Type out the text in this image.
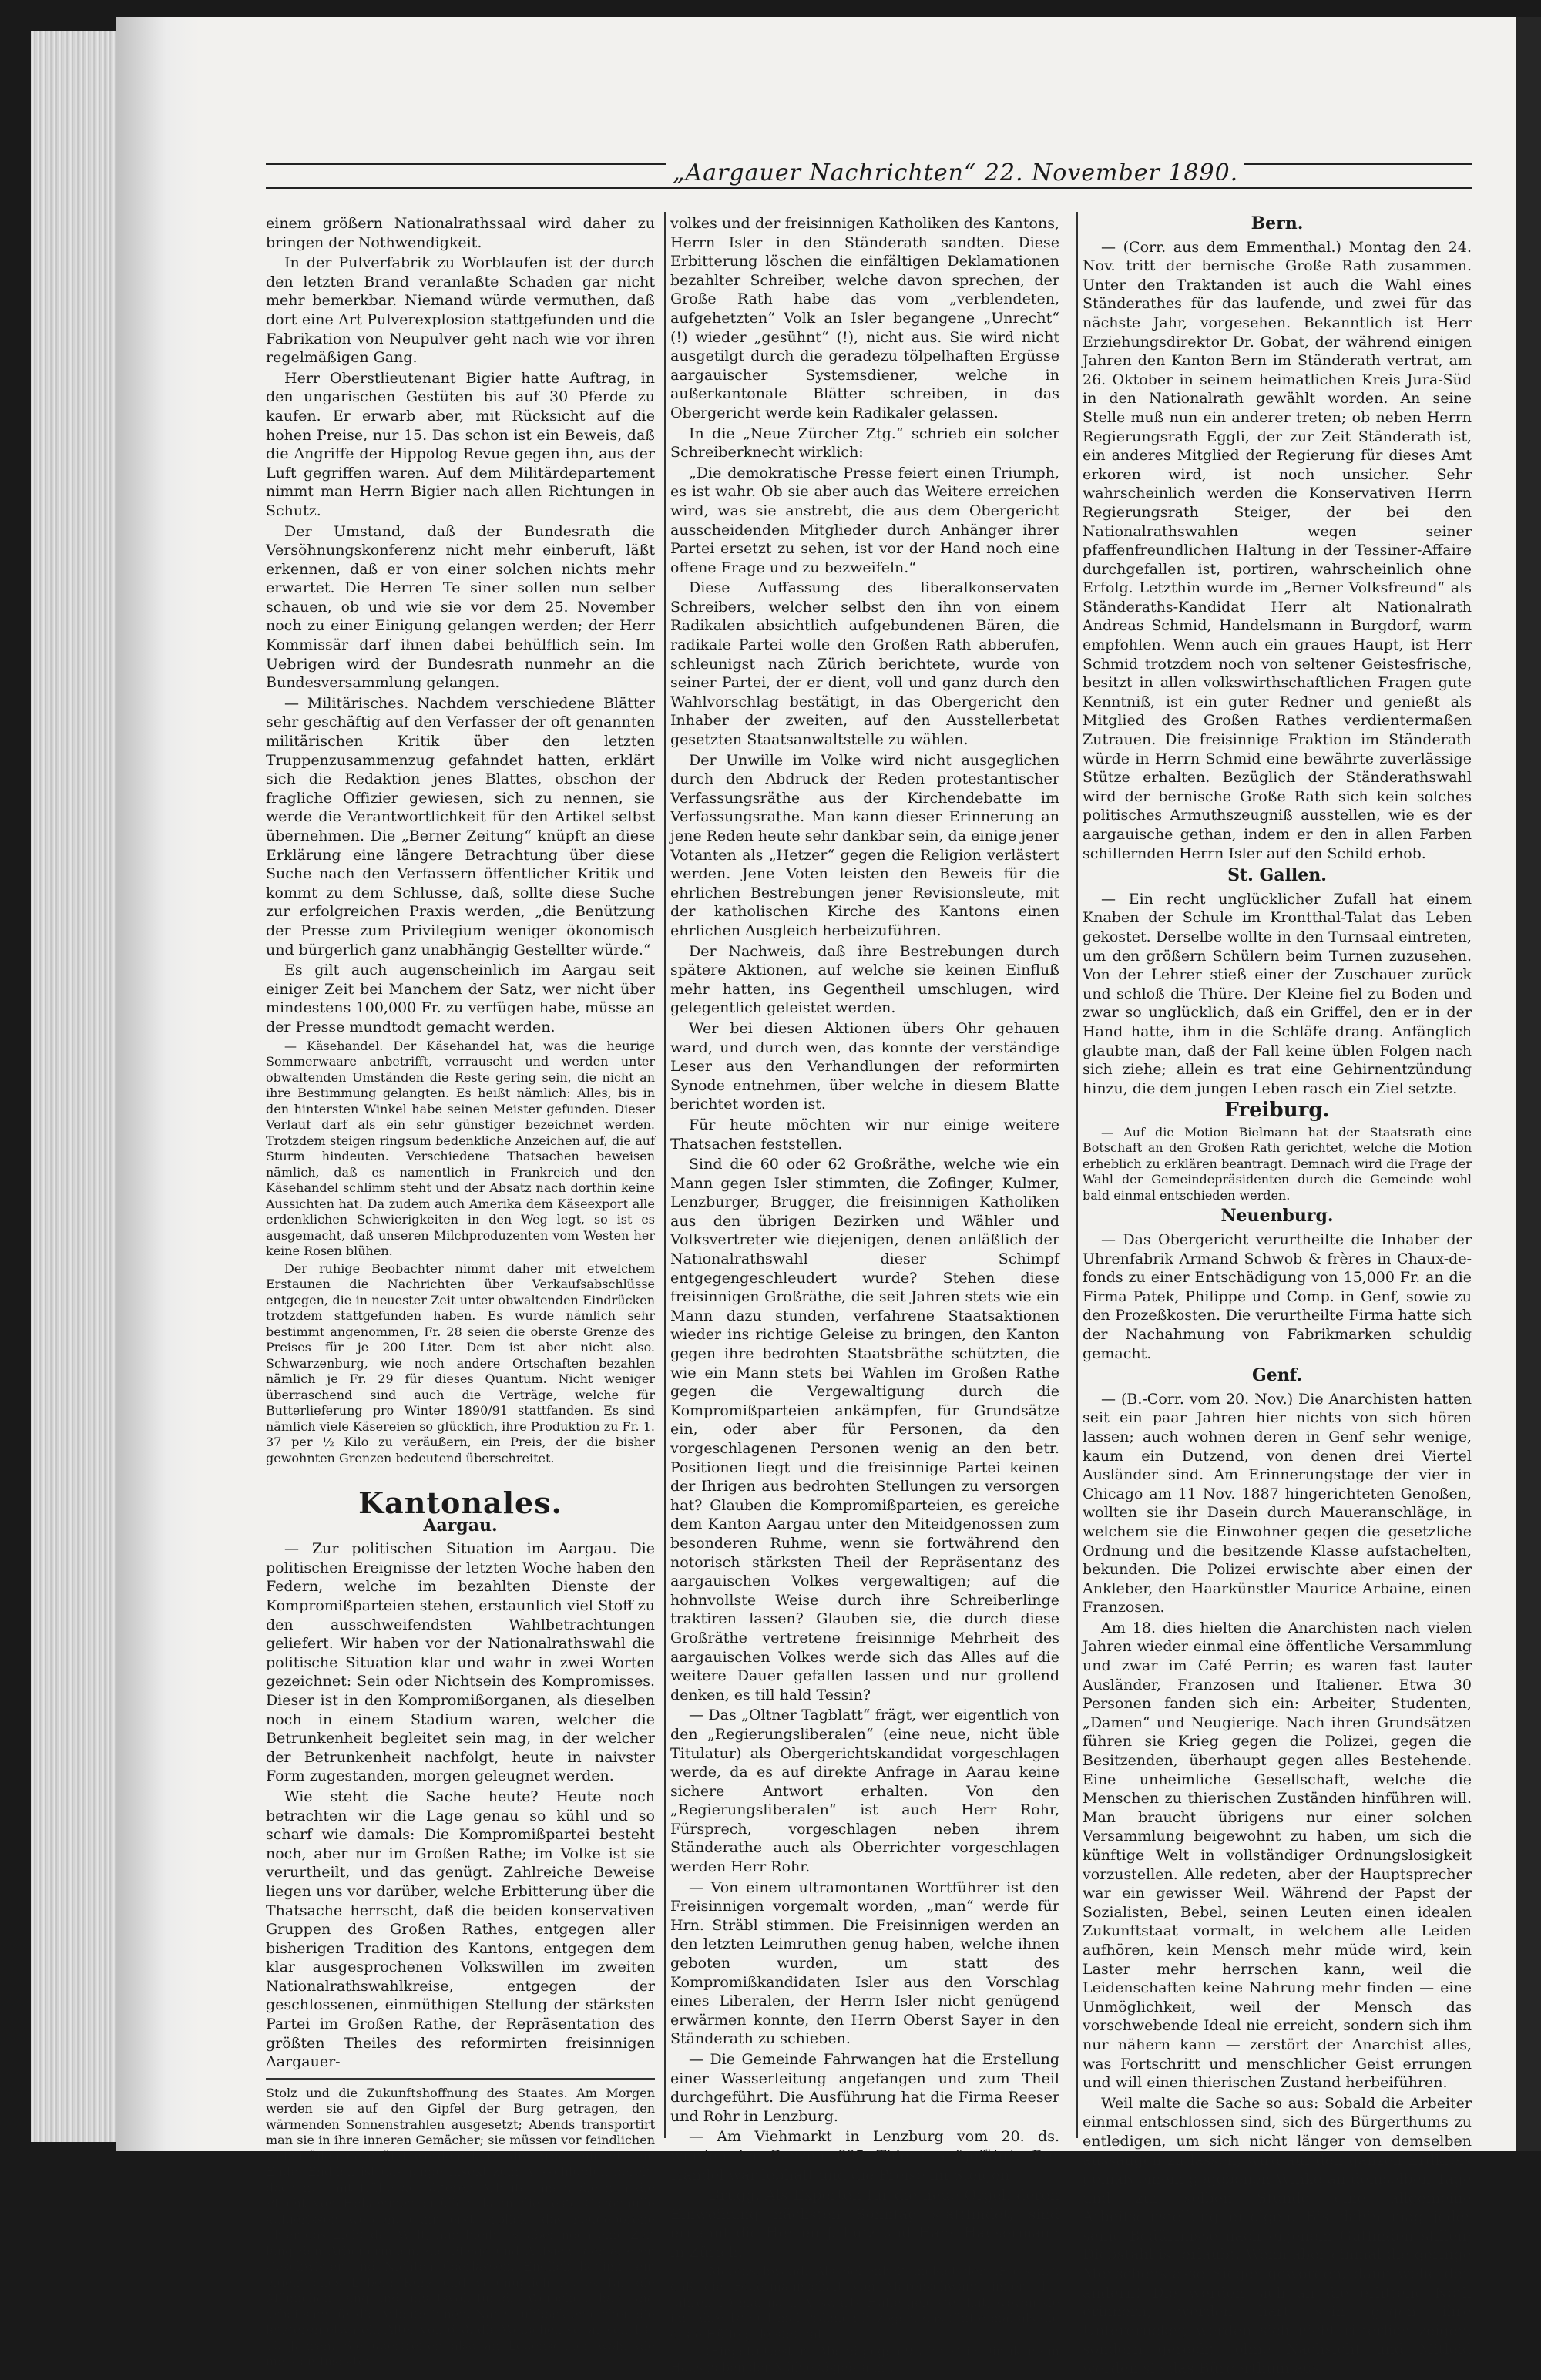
„Aargauer Nachrichten“ 22. November 1890.

einem größern Nationalrathssaal wird daher zu bringen der Nothwendigkeit.

In der Pulverfabrik zu Worblaufen ist der durch den letzten Brand veranlaßte Schaden gar nicht mehr bemerkbar. Niemand würde vermuthen, daß dort eine Art Pulverexplosion stattgefunden und die Fabrikation von Neupulver geht nach wie vor ihren regelmäßigen Gang.

Herr Oberstlieutenant Bigier hatte Auftrag, in den ungarischen Gestüten bis auf 30 Pferde zu kaufen. Er erwarb aber, mit Rücksicht auf die hohen Preise, nur 15. Das schon ist ein Beweis, daß die Angriffe der Hippolog Revue gegen ihn, aus der Luft gegriffen waren. Auf dem Militärdepartement nimmt man Herrn Bigier nach allen Richtungen in Schutz.

Der Umstand, daß der Bundesrath die Versöhnungskonferenz nicht mehr einberuft, läßt erkennen, daß er von einer solchen nichts mehr erwartet. Die Herren Te siner sollen nun selber schauen, ob und wie sie vor dem 25. November noch zu einer Einigung gelangen werden; der Herr Kommissär darf ihnen dabei behülflich sein. Im Uebrigen wird der Bundesrath nunmehr an die Bundesversammlung gelangen.

— Militärisches. Nachdem verschiedene Blätter sehr geschäftig auf den Verfasser der oft genannten militärischen Kritik über den letzten Truppenzusammenzug gefahndet hatten, erklärt sich die Redaktion jenes Blattes, obschon der fragliche Offizier gewiesen, sich zu nennen, sie werde die Verantwortlichkeit für den Artikel selbst übernehmen. Die „Berner Zeitung“ knüpft an diese Erklärung eine längere Betrachtung über diese Suche nach den Verfassern öffentlicher Kritik und kommt zu dem Schlusse, daß, sollte diese Suche zur erfolgreichen Praxis werden, „die Benützung der Presse zum Privilegium weniger ökonomisch und bürgerlich ganz unabhängig Gestellter würde.“

Es gilt auch augenscheinlich im Aargau seit einiger Zeit bei Manchem der Satz, wer nicht über mindestens 100,000 Fr. zu verfügen habe, müsse an der Presse mundtodt gemacht werden.

— Käsehandel. Der Käsehandel hat, was die heurige Sommerwaare anbetrifft, verrauscht und werden unter obwaltenden Umständen die Reste gering sein, die nicht an ihre Bestimmung gelangten. Es heißt nämlich: Alles, bis in den hintersten Winkel habe seinen Meister gefunden. Dieser Verlauf darf als ein sehr günstiger bezeichnet werden. Trotzdem steigen ringsum bedenkliche Anzeichen auf, die auf Sturm hindeuten. Verschiedene Thatsachen beweisen nämlich, daß es namentlich in Frankreich und den Käsehandel schlimm steht und der Absatz nach dorthin keine Aussichten hat. Da zudem auch Amerika dem Käseexport alle erdenklichen Schwierigkeiten in den Weg legt, so ist es ausgemacht, daß unseren Milchproduzenten vom Westen her keine Rosen blühen.

Der ruhige Beobachter nimmt daher mit etwelchem Erstaunen die Nachrichten über Verkaufsabschlüsse entgegen, die in neuester Zeit unter obwaltenden Eindrücken trotzdem stattgefunden haben. Es wurde nämlich sehr bestimmt angenommen, Fr. 28 seien die oberste Grenze des Preises für je 200 Liter. Dem ist aber nicht also. Schwarzenburg, wie noch andere Ortschaften bezahlen nämlich je Fr. 29 für dieses Quantum. Nicht weniger überraschend sind auch die Verträge, welche für Butterlieferung pro Winter 1890/91 stattfanden. Es sind nämlich viele Käsereien so glücklich, ihre Produktion zu Fr. 1. 37 per ½ Kilo zu veräußern, ein Preis, der die bisher gewohnten Grenzen bedeutend überschreitet.

Kantonales.
Aargau.

— Zur politischen Situation im Aargau. Die politischen Ereignisse der letzten Woche haben den Federn, welche im bezahlten Dienste der Kompromißparteien stehen, erstaunlich viel Stoff zu den ausschweifendsten Wahlbetrachtungen geliefert. Wir haben vor der Nationalrathswahl die politische Situation klar und wahr in zwei Worten gezeichnet: Sein oder Nichtsein des Kompromisses. Dieser ist in den Kompromißorganen, als dieselben noch in einem Stadium waren, welcher die Betrunkenheit begleitet sein mag, in der welcher der Betrunkenheit nachfolgt, heute in naivster Form zugestanden, morgen geleugnet werden.

Wie steht die Sache heute? Heute noch betrachten wir die Lage genau so kühl und so scharf wie damals: Die Kompromißpartei besteht noch, aber nur im Großen Rathe; im Volke ist sie verurtheilt, und das genügt. Zahlreiche Beweise liegen uns vor darüber, welche Erbitterung über die Thatsache herrscht, daß die beiden konservativen Gruppen des Großen Rathes, entgegen aller bisherigen Tradition des Kantons, entgegen dem klar ausgesprochenen Volkswillen im zweiten Nationalrathswahlkreise, entgegen der geschlossenen, einmüthigen Stellung der stärksten Partei im Großen Rathe, der Repräsentation des größten Theiles des reformirten freisinnigen Aargauer-

Stolz und die Zukunftshoffnung des Staates. Am Morgen werden sie auf den Gipfel der Burg getragen, den wärmenden Sonnenstrahlen ausgesetzt; Abends transportirt man sie in ihre inneren Gemächer; sie müssen vor feindlichen Ueberfällen geschützt werden; kurz, die Arbeit nimmt kein Ende. Endlich ist das junge Insekt zum Ausschlüpfen bereit, doch nur mit Hülfe der älteren Arbeiterinnen, die nun die Pflicht von Hebammen erfüllen, kann die feste Coconhülle aufgerissen werden; dann erst erblickt das neugeborene Thier das Licht der Welt; nun bleibt es aber noch eine Zeit lang den Arbeiterinnen, die Pflege und Aufsicht der älteren Geschwister und Nichten überlassen. Endlich beginnt ein eigentliches Leben: Kurz und vergnüglich ist es für die Männchen, lang und inhaltsvoll für die Weibchen, hart und arbeitsam für die Arbeiterinnen. Nach Lubbock erreichen die letzteren etwa ein Alter von 6–8, die Weibchen sogar von 13–15 Jahren, Sie übertreffen also an Lebensdauer wohl die meisten Insekten.

volkes und der freisinnigen Katholiken des Kantons, Herrn Isler in den Ständerath sandten. Diese Erbitterung löschen die einfältigen Deklamationen bezahlter Schreiber, welche davon sprechen, der Große Rath habe das vom „verblendeten, aufgehetzten“ Volk an Isler begangene „Unrecht“ (!) wieder „gesühnt“ (!), nicht aus. Sie wird nicht ausgetilgt durch die geradezu tölpelhaften Ergüsse aargauischer Systemsdiener, welche in außerkantonale Blätter schreiben, in das Obergericht werde kein Radikaler gelassen.

In die „Neue Zürcher Ztg.“ schrieb ein solcher Schreiberknecht wirklich:

„Die demokratische Presse feiert einen Triumph, es ist wahr. Ob sie aber auch das Weitere erreichen wird, was sie anstrebt, die aus dem Obergericht ausscheidenden Mitglieder durch Anhänger ihrer Partei ersetzt zu sehen, ist vor der Hand noch eine offene Frage und zu bezweifeln.“

Diese Auffassung des liberalkonservaten Schreibers, welcher selbst den ihn von einem Radikalen absichtlich aufgebundenen Bären, die radikale Partei wolle den Großen Rath abberufen, schleunigst nach Zürich berichtete, wurde von seiner Partei, der er dient, voll und ganz durch den Wahlvorschlag bestätigt, in das Obergericht den Inhaber der zweiten, auf den Ausstellerbetat gesetzten Staatsanwaltstelle zu wählen.

Der Unwille im Volke wird nicht ausgeglichen durch den Abdruck der Reden protestantischer Verfassungsräthe aus der Kirchendebatte im Verfassungsrathe. Man kann dieser Erinnerung an jene Reden heute sehr dankbar sein, da einige jener Votanten als „Hetzer“ gegen die Religion verlästert werden. Jene Voten leisten den Beweis für die ehrlichen Bestrebungen jener Revisionsleute, mit der katholischen Kirche des Kantons einen ehrlichen Ausgleich herbeizuführen.

Der Nachweis, daß ihre Bestrebungen durch spätere Aktionen, auf welche sie keinen Einfluß mehr hatten, ins Gegentheil umschlugen, wird gelegentlich geleistet werden.

Wer bei diesen Aktionen übers Ohr gehauen ward, und durch wen, das konnte der verständige Leser aus den Verhandlungen der reformirten Synode entnehmen, über welche in diesem Blatte berichtet worden ist.

Für heute möchten wir nur einige weitere Thatsachen feststellen.

Sind die 60 oder 62 Großräthe, welche wie ein Mann gegen Isler stimmten, die Zofinger, Kulmer, Lenzburger, Brugger, die freisinnigen Katholiken aus den übrigen Bezirken und Wähler und Volksvertreter wie diejenigen, denen anläßlich der Nationalrathswahl dieser Schimpf entgegengeschleudert wurde? Stehen diese freisinnigen Großräthe, die seit Jahren stets wie ein Mann dazu stunden, verfahrene Staatsaktionen wieder ins richtige Geleise zu bringen, den Kanton gegen ihre bedrohten Staatsbräthe schützten, die wie ein Mann stets bei Wahlen im Großen Rathe gegen die Vergewaltigung durch die Kompromißparteien ankämpfen, für Grundsätze ein, oder aber für Personen, da den vorgeschlagenen Personen wenig an den betr. Positionen liegt und die freisinnige Partei keinen der Ihrigen aus bedrohten Stellungen zu versorgen hat? Glauben die Kompromißparteien, es gereiche dem Kanton Aargau unter den Miteidgenossen zum besonderen Ruhme, wenn sie fortwährend den notorisch stärksten Theil der Repräsentanz des aargauischen Volkes vergewaltigen; auf die hohnvollste Weise durch ihre Schreiberlinge traktiren lassen? Glauben sie, die durch diese Großräthe vertretene freisinnige Mehrheit des aargauischen Volkes werde sich das Alles auf die weitere Dauer gefallen lassen und nur grollend denken, es till hald Tessin?

— Das „Oltner Tagblatt“ frägt, wer eigentlich von den „Regierungsliberalen“ (eine neue, nicht üble Titulatur) als Obergerichtskandidat vorgeschlagen werde, da es auf direkte Anfrage in Aarau keine sichere Antwort erhalten. Von den „Regierungsliberalen“ ist auch Herr Rohr, Fürsprech, vorgeschlagen neben ihrem Ständerathe auch als Oberrichter vorgeschlagen werden Herr Rohr.

— Von einem ultramontanen Wortführer ist den Freisinnigen vorgemalt worden, „man“ werde für Hrn. Sträbl stimmen. Die Freisinnigen werden an den letzten Leimruthen genug haben, welche ihnen geboten wurden, um statt des Kompromißkandidaten Isler aus den Vorschlag eines Liberalen, der Herrn Isler nicht genügend erwärmen konnte, den Herrn Oberst Sayer in den Ständerath zu schieben.

— Die Gemeinde Fahrwangen hat die Erstellung einer Wasserleitung angefangen und zum Theil durchgeführt. Die Ausführung hat die Firma Reeser und Rohr in Lenzburg.

— Am Viehmarkt in Lenzburg vom 20. ds. wurden im Ganzen 695 Thiere aufgeführt. Der Handel war lebhaft und die Preise im Steigen.

— Brugg. Als Experten für die neue Orgel, deren Einweihung nächsten Sonntag stattfindet, sind ernannt die Herren J. Lutz und Hans Häusermann in Zürich.

— Merenschwand. Als Seltenheit meldet der „Freisch.“, daß die Feuermannschaft von Merenschwand innert 1½ Jahren 10 mal nach Auswärts Hülfe geleistet hat, wovon sie im Jahre 1890 4 mal Prämien bezogen, das fünfte mal als die erste Hülfe geleistet hat.

— (Eingef.) Gestern Abend gegen 9 Uhr ist in Dintiken ein Haus neben der Mühle abgebrannt.

Bern.

— (Corr. aus dem Emmenthal.) Montag den 24. Nov. tritt der bernische Große Rath zusammen. Unter den Traktanden ist auch die Wahl eines Ständerathes für das laufende, und zwei für das nächste Jahr, vorgesehen. Bekanntlich ist Herr Erziehungsdirektor Dr. Gobat, der während einigen Jahren den Kanton Bern im Ständerath vertrat, am 26. Oktober in seinem heimatlichen Kreis Jura-Süd in den Nationalrath gewählt worden. An seine Stelle muß nun ein anderer treten; ob neben Herrn Regierungsrath Eggli, der zur Zeit Ständerath ist, ein anderes Mitglied der Regierung für dieses Amt erkoren wird, ist noch unsicher. Sehr wahrscheinlich werden die Konservativen Herrn Regierungsrath Steiger, der bei den Nationalrathswahlen wegen seiner pfaffenfreundlichen Haltung in der Tessiner-Affaire durchgefallen ist, portiren, wahrscheinlich ohne Erfolg. Letzthin wurde im „Berner Volksfreund“ als Ständeraths-Kandidat Herr alt Nationalrath Andreas Schmid, Handelsmann in Burgdorf, warm empfohlen. Wenn auch ein graues Haupt, ist Herr Schmid trotzdem noch von seltener Geistesfrische, besitzt in allen volkswirthschaftlichen Fragen gute Kenntniß, ist ein guter Redner und genießt als Mitglied des Großen Rathes verdientermaßen Zutrauen. Die freisinnige Fraktion im Ständerath würde in Herrn Schmid eine bewährte zuverlässige Stütze erhalten. Bezüglich der Ständerathswahl wird der bernische Große Rath sich kein solches politisches Armuthszeugniß ausstellen, wie es der aargauische gethan, indem er den in allen Farben schillernden Herrn Isler auf den Schild erhob.

St. Gallen.

— Ein recht unglücklicher Zufall hat einem Knaben der Schule im Krontthal-Talat das Leben gekostet. Derselbe wollte in den Turnsaal eintreten, um den größern Schülern beim Turnen zuzusehen. Von der Lehrer stieß einer der Zuschauer zurück und schloß die Thüre. Der Kleine fiel zu Boden und zwar so unglücklich, daß ein Griffel, den er in der Hand hatte, ihm in die Schläfe drang. Anfänglich glaubte man, daß der Fall keine üblen Folgen nach sich ziehe; allein es trat eine Gehirnentzündung hinzu, die dem jungen Leben rasch ein Ziel setzte.

Freiburg.

— Auf die Motion Bielmann hat der Staatsrath eine Botschaft an den Großen Rath gerichtet, welche die Motion erheblich zu erklären beantragt. Demnach wird die Frage der Wahl der Gemeindepräsidenten durch die Gemeinde wohl bald einmal entschieden werden.

Neuenburg.

— Das Obergericht verurtheilte die Inhaber der Uhrenfabrik Armand Schwob & frères in Chaux-de-fonds zu einer Entschädigung von 15,000 Fr. an die Firma Patek, Philippe und Comp. in Genf, sowie zu den Prozeßkosten. Die verurtheilte Firma hatte sich der Nachahmung von Fabrikmarken schuldig gemacht.

Genf.

— (B.-Corr. vom 20. Nov.) Die Anarchisten hatten seit ein paar Jahren hier nichts von sich hören lassen; auch wohnen deren in Genf sehr wenige, kaum ein Dutzend, von denen drei Viertel Ausländer sind. Am Erinnerungstage der vier in Chicago am 11 Nov. 1887 hingerichteten Genoßen, wollten sie ihr Dasein durch Maueranschläge, in welchem sie die Einwohner gegen die gesetzliche Ordnung und die besitzende Klasse aufstachelten, bekunden. Die Polizei erwischte aber einen der Ankleber, den Haarkünstler Maurice Arbaine, einen Franzosen.

Am 18. dies hielten die Anarchisten nach vielen Jahren wieder einmal eine öffentliche Versammlung und zwar im Café Perrin; es waren fast lauter Ausländer, Franzosen und Italiener. Etwa 30 Personen fanden sich ein: Arbeiter, Studenten, „Damen“ und Neugierige. Nach ihren Grundsätzen führen sie Krieg gegen die Polizei, gegen die Besitzenden, überhaupt gegen alles Bestehende. Eine unheimliche Gesellschaft, welche die Menschen zu thierischen Zuständen hinführen will. Man braucht übrigens nur einer solchen Versammlung beigewohnt zu haben, um sich die künftige Welt in vollständiger Ordnungslosigkeit vorzustellen. Alle redeten, aber der Hauptsprecher war ein gewisser Weil. Während der Papst der Sozialisten, Bebel, seinen Leuten einen idealen Zukunftstaat vormalt, in welchem alle Leiden aufhören, kein Mensch mehr müde wird, kein Laster mehr herrschen kann, weil die Leidenschaften keine Nahrung mehr finden — eine Unmöglichkeit, weil der Mensch das vorschwebende Ideal nie erreicht, sondern sich ihm nur nähern kann — zerstört der Anarchist alles, was Fortschritt und menschlicher Geist errungen und will einen thierischen Zustand herbeiführen.

Weil malte die Sache so aus: Sobald die Arbeiter einmal entschlossen sind, sich des Bürgerthums zu entledigen, um sich nicht länger von demselben aussaugen zu lassen, wird auf den ganzen Erdkreis gemäß einem gegebenen Winke an demselben Tage und zur selben Stunde eine allgemeine Arbeitseinstellung erfolgen. Bis dahin mag jeder seine Bedürfnisse nach eigenem Gutfinden stillen; Diebstahl ist erlaubt. Wenn aber einmal die geringe Menschenklasse Sieger geworden, dann wehe den andern! Die werden sich an die erlittene Noth erinnern, werden hart sein gegen ihre Unterdrücker, werden sich nicht ritterlich zeigen, sondern gerecht, ohne Nachsicht und Mitleid werden sie das Bürgerthum aus-
